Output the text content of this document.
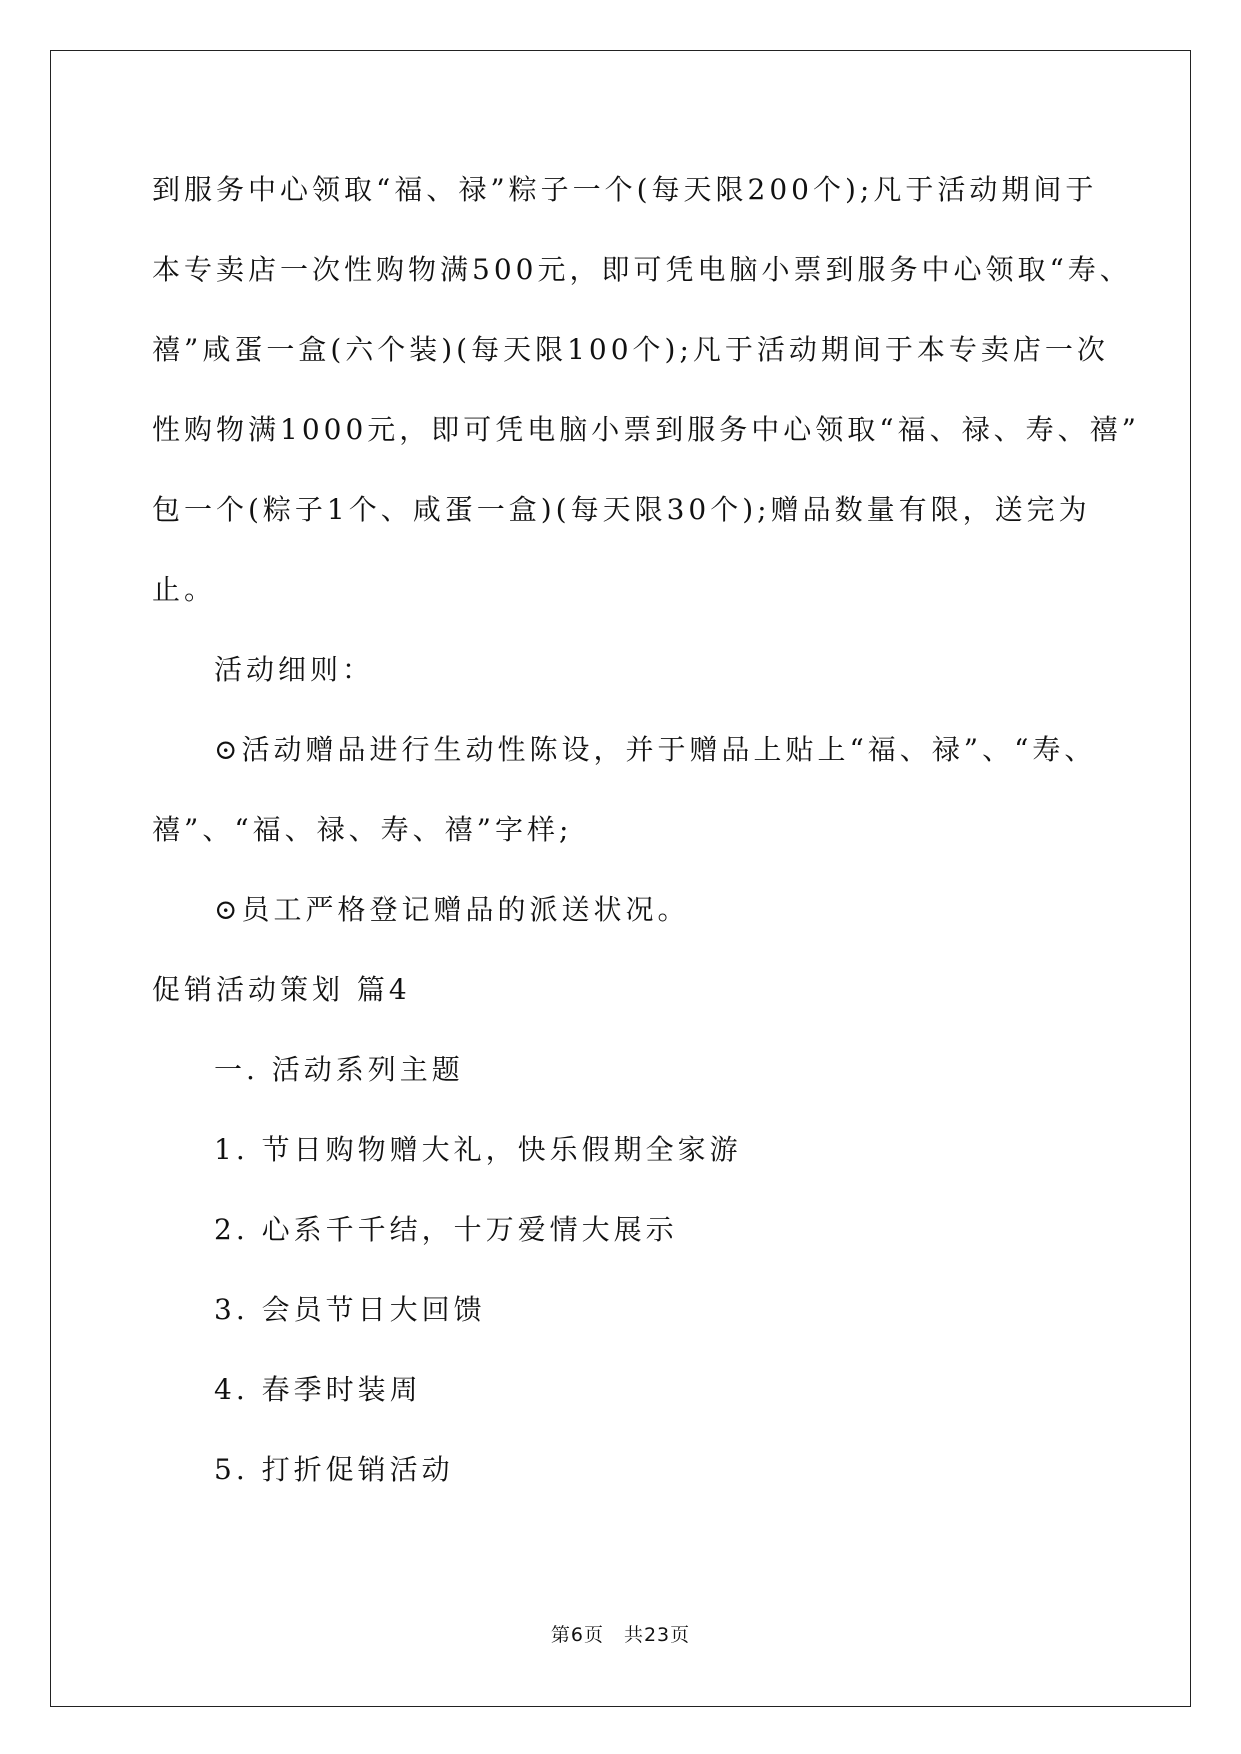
到服务中心领取“福、禄”粽子一个(每天限200个);凡于活动期间于
本专卖店一次性购物满500元，即可凭电脑小票到服务中心领取“寿、
禧”咸蛋一盒(六个装)(每天限100个);凡于活动期间于本专卖店一次
性购物满1000元，即可凭电脑小票到服务中心领取“福、禄、寿、禧”
包一个(粽子1个、咸蛋一盒)(每天限30个);赠品数量有限，送完为
止。
活动细则：
⊙活动赠品进行生动性陈设，并于赠品上贴上“福、禄”、“寿、
禧”、“福、禄、寿、禧”字样;
⊙员工严格登记赠品的派送状况。
促销活动策划 篇4
一. 活动系列主题
1. 节日购物赠大礼，快乐假期全家游
2. 心系千千结，十万爱情大展示
3. 会员节日大回馈
4. 春季时装周
5. 打折促销活动
第6页　共23页
